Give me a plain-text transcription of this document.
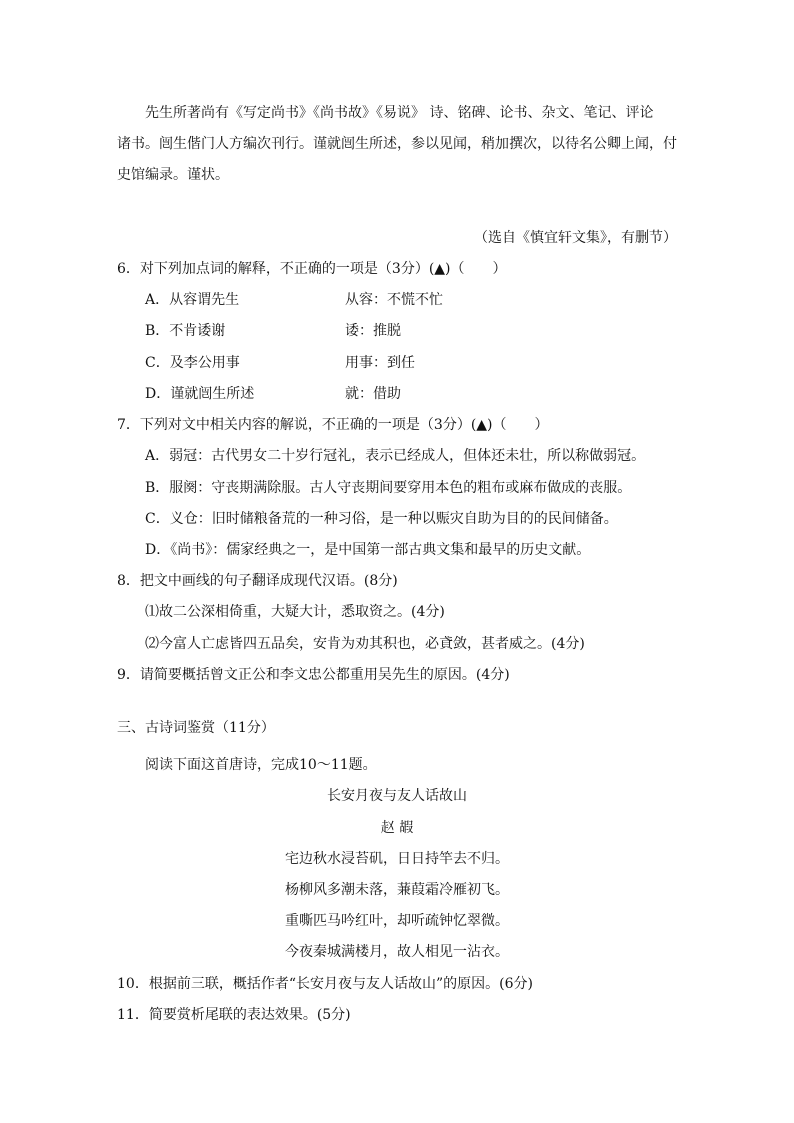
先生所著尚有《写定尚书》《尚书故》《易说》 诗、铭碑、论书、杂文、笔记、评论
诸书。闿生偕门人方编次刊行。谨就闿生所述，参以见闻，稍加撰次，以待名公卿上闻，付
史馆编录。谨状。
（选自《慎宜轩文集》，有删节）
6．对下列加点词的解释，不正确的一项是（3分）(▲)（　　）
A．从容谓先生	从容：不慌不忙
B．不肯诿谢	诿：推脱
C．及李公用事	用事：到任
D．谨就闿生所述	就：借助
7．下列对文中相关内容的解说，不正确的一项是（3分）(▲)（　　）
A．弱冠：古代男女二十岁行冠礼，表示已经成人，但体还未壮，所以称做弱冠。
B．服阕：守丧期满除服。古人守丧期间要穿用本色的粗布或麻布做成的丧服。
C．义仓：旧时储粮备荒的一种习俗，是一种以赈灾自助为目的的民间储备。
D．《尚书》：儒家经典之一，是中国第一部古典文集和最早的历史文献。
8．把文中画线的句子翻译成现代汉语。(8分)
⑴故二公深相倚重，大疑大计，悉取资之。(4分)
⑵今富人亡虑皆四五品矣，安肯为劝其积也，必貣敛，甚者威之。(4分)
9．请简要概括曾文正公和李文忠公都重用吴先生的原因。(4分)
三、古诗词鉴赏（11分）
阅读下面这首唐诗，完成10～11题。
长安月夜与友人话故山
赵 嘏
宅边秋水浸苔矶，日日持竿去不归。
杨柳风多潮未落，蒹葭霜冷雁初飞。
重嘶匹马吟红叶，却听疏钟忆翠微。
今夜秦城满楼月，故人相见一沾衣。
10．根据前三联，概括作者“长安月夜与友人话故山”的原因。(6分)
11．简要赏析尾联的表达效果。(5分)
